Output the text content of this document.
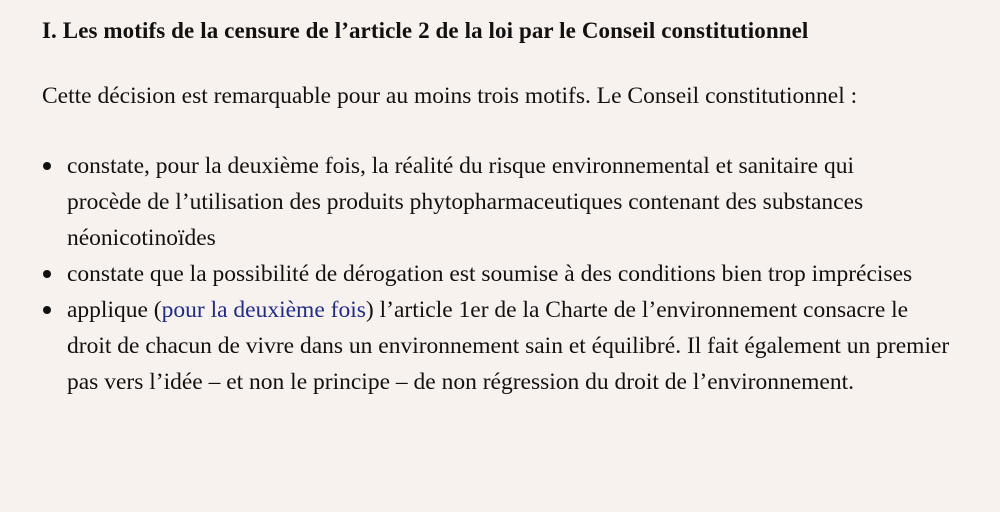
I. Les motifs de la censure de l’article 2 de la loi par le Conseil constitutionnel

Cette décision est remarquable pour au moins trois motifs. Le Conseil constitutionnel :

constate, pour la deuxième fois, la réalité du risque environnemental et sanitaire qui procède de l’utilisation des produits phytopharmaceutiques contenant des substances néonicotinoïdes
constate que la possibilité de dérogation est soumise à des conditions bien trop imprécises
applique (pour la deuxième fois) l’article 1er de la Charte de l’environnement consacre le droit de chacun de vivre dans un environnement sain et équilibré. Il fait également un premier pas vers l’idée – et non le principe – de non régression du droit de l’environnement.
